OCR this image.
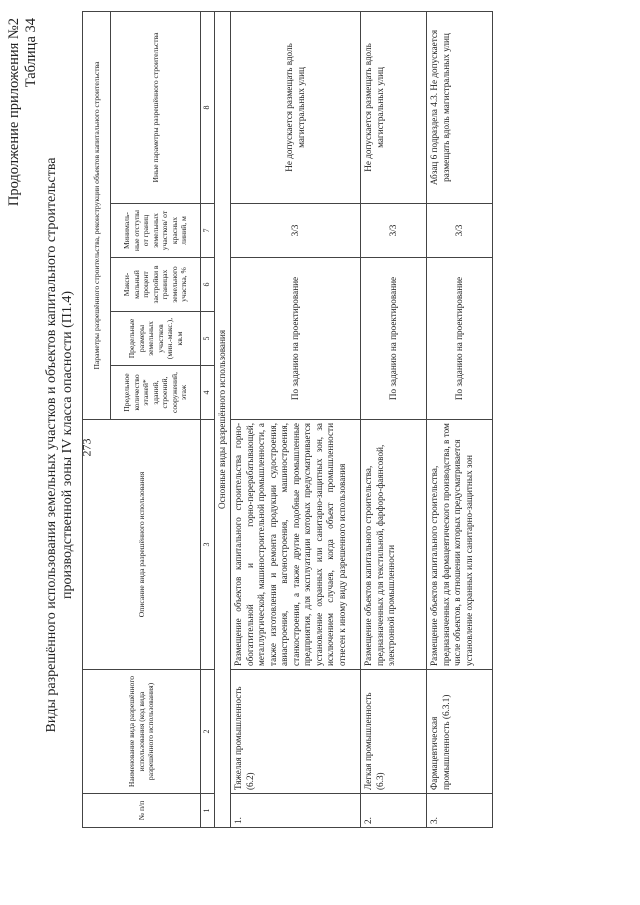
273
Продолжение приложения №2 Таблица 34
Виды разрешённого использования земельных участков и объектов капитального строительства производственной зоны IV класса опасности (П1.4)
№ п/п	Наименование вида разрешённого использования (код вида разрешённого использования)	Описание вида разрешённого использования	Параметры разрешённого строительства, реконструкции объектов капитального строительства				
			Предельное количество этажей* зданий, строений, сооружений, этаж	Предельные размеры земельных участков (мин.-макс.), кв.м	Макси-мальный процент застройки в границах земельного участка, %	Минималь-ные отступы от границ земельных участков/ от красных линий, м	Иные параметры разрешённого строительства
1	2	3	4	5	6	7	8
Основные виды разрешённого использования							
1.	Тяжелая промышленность (6.2)	Размещение объектов капитального строительства горно-обогатительной и горно-перерабатывающей, металлургической, машиностроительной промышленности, а также изготовления и ремонта продукции судостроения, авиастроения, вагоностроения, машиностроения, станкостроения, а также другие подобные промышленные предприятия, для эксплуатации которых предусматривается установление охранных или санитарно-защитных зон, за исключением случаев, когда объект промышленности отнесен к иному виду разрешенного использования	По заданию на проектирование			3/3	Не допускается размещать вдоль магистральных улиц
2.	Легкая промышленность (6.3)	Размещение объектов капитального строительства, предназначенных для текстильной, фарфоро-фаянсовой, электронной промышленности	По заданию на проектирование			3/3	Не допускается размещать вдоль магистральных улиц
3.	Фармацевтическая промышленность (6.3.1)	Размещение объектов капитального строительства, предназначенных для фармацевтического производства, в том числе объектов, в отношении которых предусматривается установление охранных или санитарно-защитных зон	По заданию на проектирование			3/3	Абзац 6 подраздела 4.3. Не допускается размещать вдоль магистральных улиц
